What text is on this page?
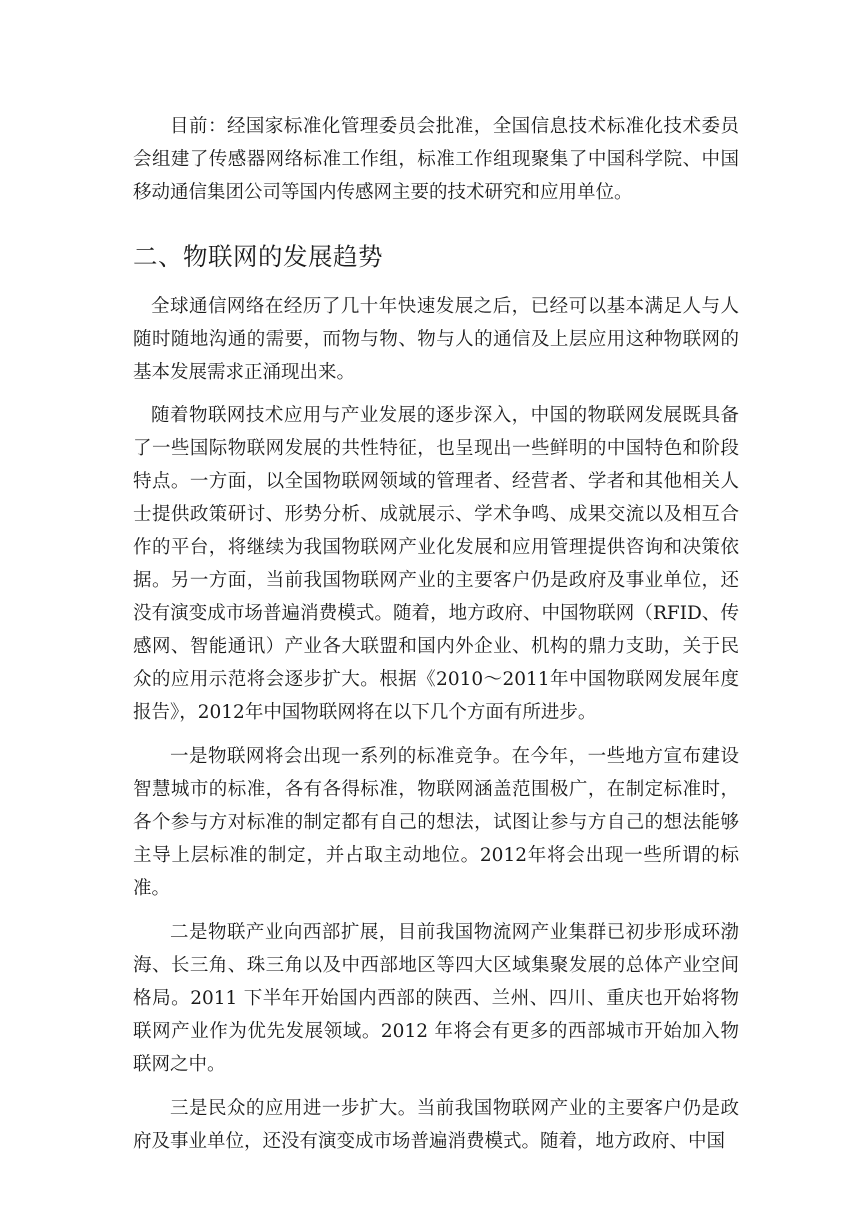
目前：经国家标准化管理委员会批准，全国信息技术标准化技术委员会组建了传感器网络标准工作组，标准工作组现聚集了中国科学院、中国移动通信集团公司等国内传感网主要的技术研究和应用单位。

二、物联网的发展趋势

全球通信网络在经历了几十年快速发展之后，已经可以基本满足人与人随时随地沟通的需要，而物与物、物与人的通信及上层应用这种物联网的基本发展需求正涌现出来。

随着物联网技术应用与产业发展的逐步深入，中国的物联网发展既具备了一些国际物联网发展的共性特征，也呈现出一些鲜明的中国特色和阶段特点。一方面，以全国物联网领域的管理者、经营者、学者和其他相关人士提供政策研讨、形势分析、成就展示、学术争鸣、成果交流以及相互合作的平台，将继续为我国物联网产业化发展和应用管理提供咨询和决策依据。另一方面，当前我国物联网产业的主要客户仍是政府及事业单位，还没有演变成市场普遍消费模式。随着，地方政府、中国物联网（RFID、传感网、智能通讯）产业各大联盟和国内外企业、机构的鼎力支助，关于民众的应用示范将会逐步扩大。根据《2010～2011年中国物联网发展年度报告》，2012年中国物联网将在以下几个方面有所进步。

一是物联网将会出现一系列的标准竞争。在今年，一些地方宣布建设智慧城市的标准，各有各得标准，物联网涵盖范围极广，在制定标准时，各个参与方对标准的制定都有自己的想法，试图让参与方自己的想法能够主导上层标准的制定，并占取主动地位。2012年将会出现一些所谓的标准。

二是物联产业向西部扩展，目前我国物流网产业集群已初步形成环渤海、长三角、珠三角以及中西部地区等四大区域集聚发展的总体产业空间格局。2011 下半年开始国内西部的陕西、兰州、四川、重庆也开始将物联网产业作为优先发展领域。2012 年将会有更多的西部城市开始加入物联网之中。

三是民众的应用进一步扩大。当前我国物联网产业的主要客户仍是政府及事业单位，还没有演变成市场普遍消费模式。随着，地方政府、中国
